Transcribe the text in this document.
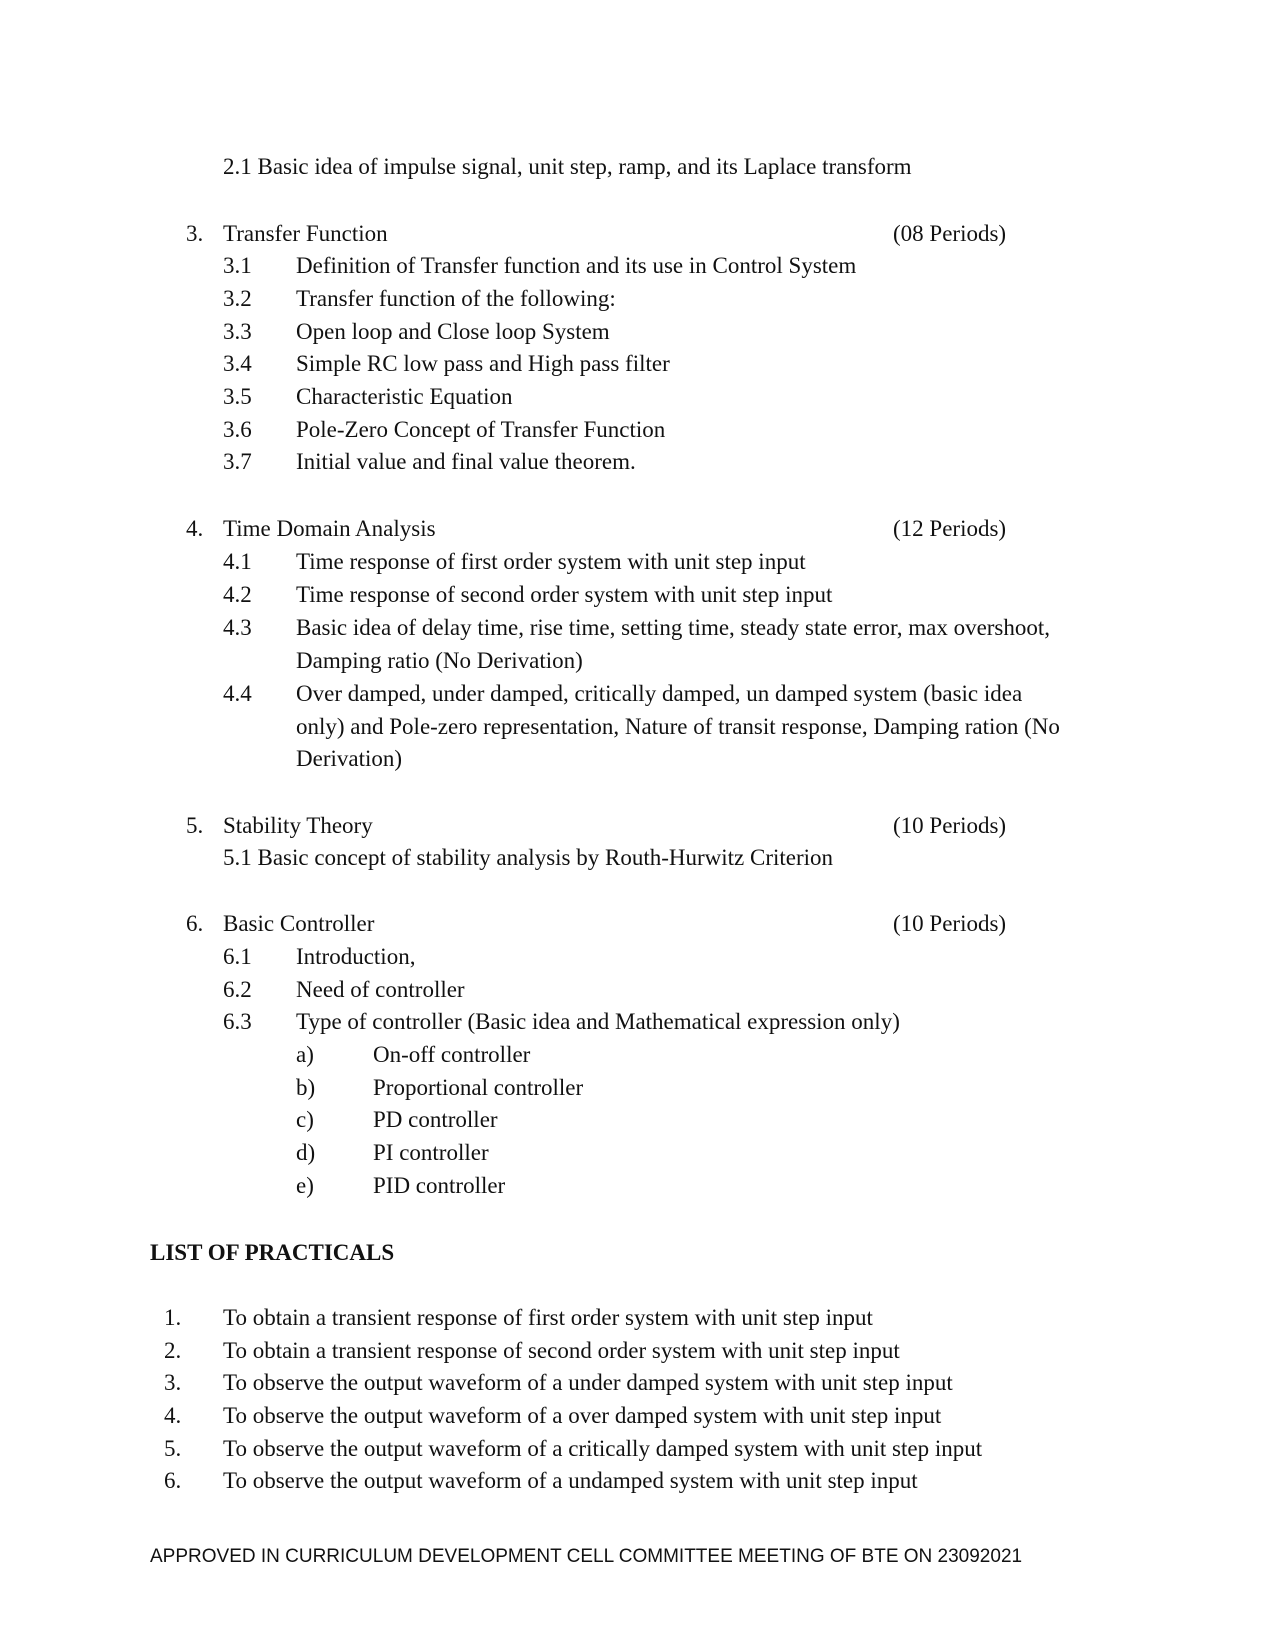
2.1 Basic idea of impulse signal, unit step, ramp, and its Laplace transform
3. Transfer Function	(08 Periods)
3.1 Definition of Transfer function and its use in Control System
3.2 Transfer function of the following:
3.3 Open loop and Close loop System
3.4 Simple RC low pass and High pass filter
3.5 Characteristic Equation
3.6 Pole-Zero Concept of Transfer Function
3.7 Initial value and final value theorem.
4. Time Domain Analysis	(12 Periods)
4.1 Time response of first order system with unit step input
4.2 Time response of second order system with unit step input
4.3 Basic idea of delay time, rise time, setting time, steady state error, max overshoot,
Damping ratio (No Derivation)
4.4 Over damped, under damped, critically damped, un damped system (basic idea
only) and Pole-zero representation, Nature of transit response, Damping ration (No
Derivation)
5. Stability Theory	(10 Periods)
5.1 Basic concept of stability analysis by Routh-Hurwitz Criterion
6. Basic Controller	(10 Periods)
6.1 Introduction,
6.2 Need of controller
6.3 Type of controller (Basic idea and Mathematical expression only)
a)	On-off controller
b)	Proportional controller
c)	PD controller
d)	PI controller
e)	PID controller
LIST OF PRACTICALS
1. To obtain a transient response of first order system with unit step input
2. To obtain a transient response of second order system with unit step input
3. To observe the output waveform of a under damped system with unit step input
4. To observe the output waveform of a over damped system with unit step input
5. To observe the output waveform of a critically damped system with unit step input
6. To observe the output waveform of a undamped system with unit step input
APPROVED IN CURRICULUM DEVELOPMENT CELL COMMITTEE MEETING OF BTE ON 23092021
